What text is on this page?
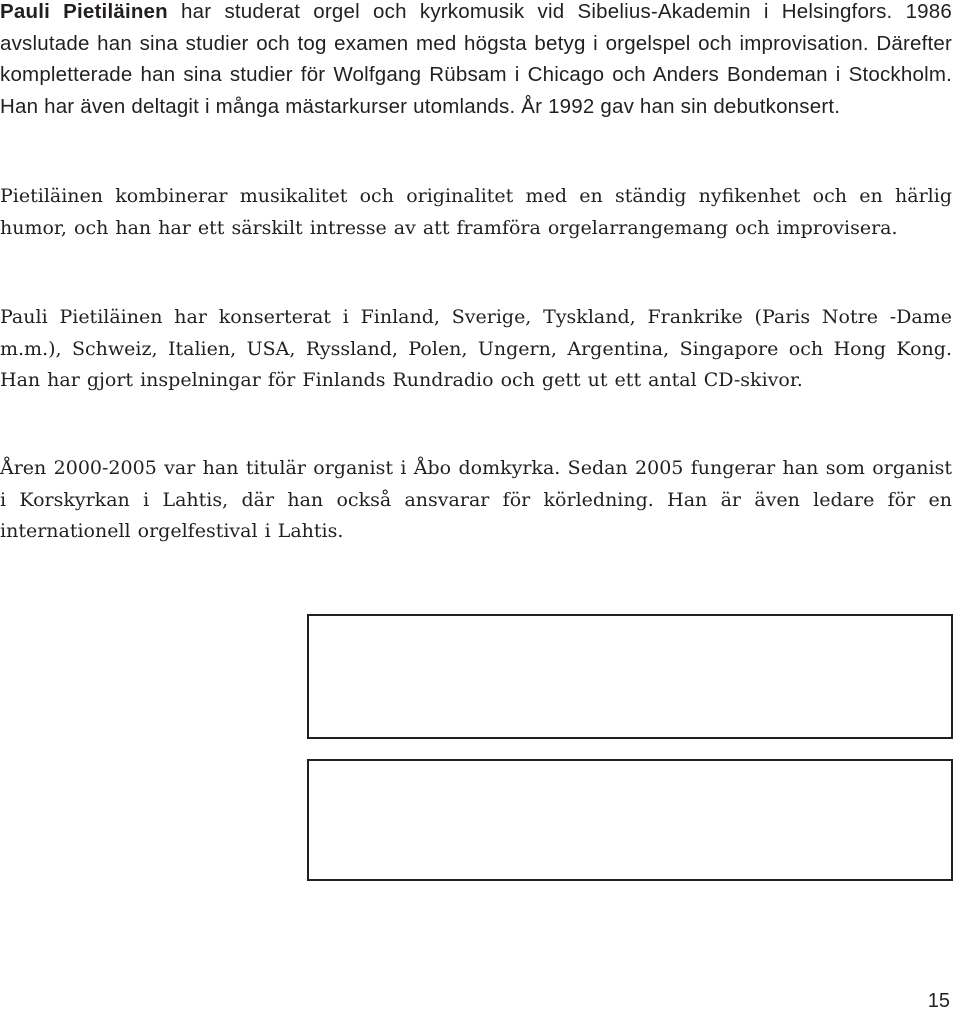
Pauli Pietiläinen har studerat orgel och kyrkomusik vid Sibelius-Akademin i Helsingfors. 1986 avslutade han sina studier och tog examen med högsta betyg i orgelspel och improvisation. Därefter kompletterade han sina studier för Wolfgang Rübsam i Chicago och Anders Bondeman i Stockholm. Han har även deltagit i många mästarkurser utomlands. År 1992 gav han sin debutkonsert.

Pietiläinen kombinerar musikalitet och originalitet med en ständig nyfikenhet och en härlig humor, och han har ett särskilt intresse av att framföra orgelarrangemang och improvisera.

Pauli Pietiläinen har konserterat i Finland, Sverige, Tyskland, Frankrike (Paris Notre -Dame m.m.), Schweiz, Italien, USA, Ryssland, Polen, Ungern, Argentina, Singapore och Hong Kong. Han har gjort inspelningar för Finlands Rundradio och gett ut ett antal CD-skivor.

Åren 2000-2005 var han titulär organist i Åbo domkyrka. Sedan 2005 fungerar han som organist i Korskyrkan i Lahtis, där han också ansvarar för körledning. Han är även ledare för en internationell orgelfestival i Lahtis.

15
